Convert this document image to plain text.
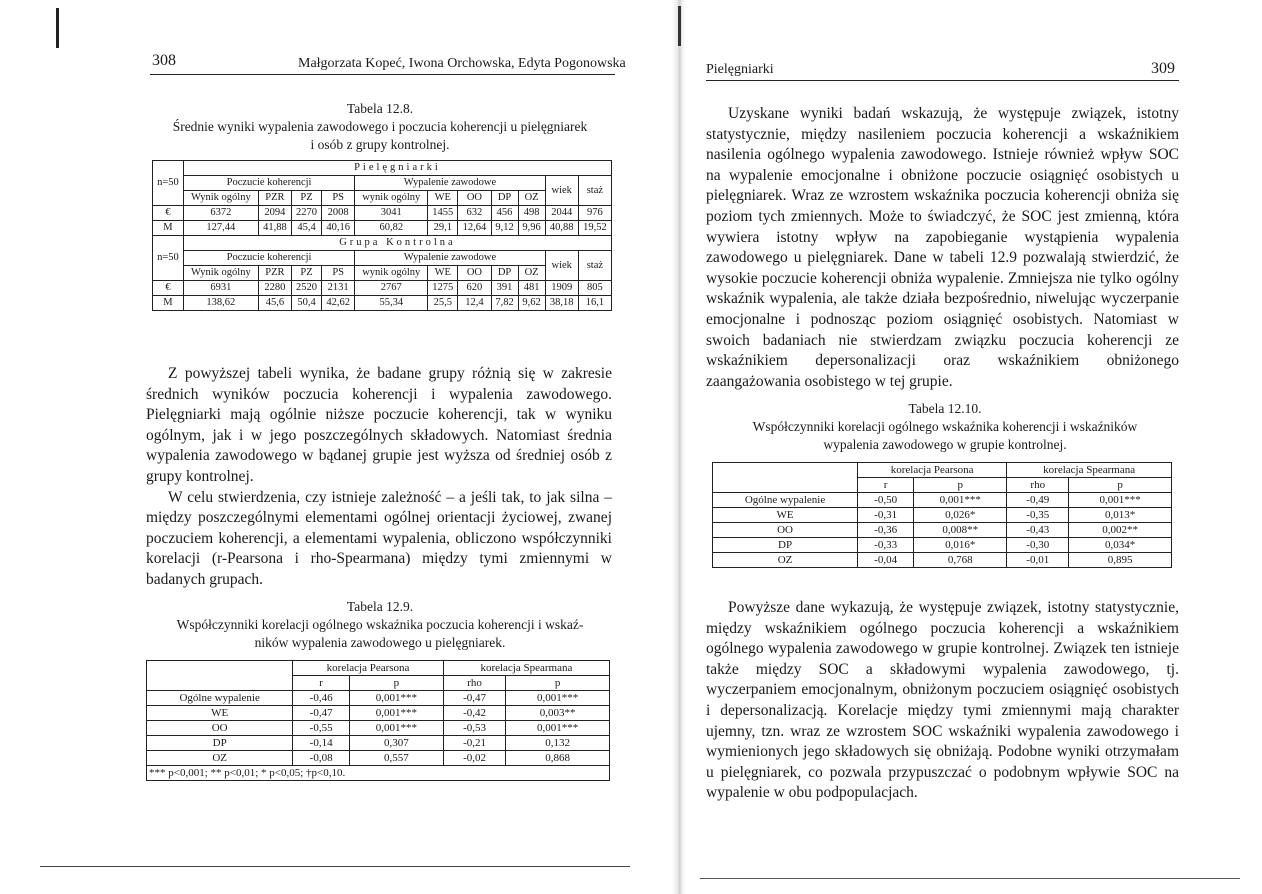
308	Małgorzata Kopeć, Iwona Orchowska, Edyta Pogonowska
Tabela 12.8.
Średnie wyniki wypalenia zawodowego i poczucia koherencji u pielęgniarek
i osób z grupy kontrolnej.
n=50	Pielęgniarki										
	Poczucie koherencji				Wypalenie zawodowe					wiek	staż
	Wynik ogólny	PZR	PZ	PS	wynik ogólny	WE	OO	DP	OZ		
€	6372	2094	2270	2008	3041	1455	632	456	498	2044	976
M	127,44	41,88	45,4	40,16	60,82	29,1	12,64	9,12	9,96	40,88	19,52
n=50	Grupa Kontrolna										
	Poczucie koherencji				Wypalenie zawodowe					wiek	staż
	Wynik ogólny	PZR	PZ	PS	wynik ogólny	WE	OO	DP	OZ		
€	6931	2280	2520	2131	2767	1275	620	391	481	1909	805
M	138,62	45,6	50,4	42,62	55,34	25,5	12,4	7,82	9,62	38,18	16,1

Z powyższej tabeli wynika, że badane grupy różnią się w zakresie średnich wyników poczucia koherencji i wypalenia zawodowego. Pielęgniarki mają ogólnie niższe poczucie koherencji, tak w wyniku ogólnym, jak i w jego poszczególnych składowych. Natomiast średnia wypalenia zawodowego w bądanej grupie jest wyższa od średniej osób z grupy kontrolnej.

W celu stwierdzenia, czy istnieje zależność – a jeśli tak, to jak silna – między poszczególnymi elementami ogólnej orientacji życiowej, zwanej poczuciem koherencji, a elementami wypalenia, obliczono współczynniki korelacji (r-Pearsona i rho-Spearmana) między tymi zmiennymi w badanych grupach.

Tabela 12.9.
Współczynniki korelacji ogólnego wskaźnika poczucia koherencji i wskaź-
ników wypalenia zawodowego u pielęgniarek.
	korelacja Pearsona		korelacja Spearmana	
	r	p	rho	p
Ogólne wypalenie	-0,46	0,001***	-0,47	0,001***
WE	-0,47	0,001***	-0,42	0,003**
OO	-0,55	0,001***	-0,53	0,001***
DP	-0,14	0,307	-0,21	0,132
OZ	-0,08	0,557	-0,02	0,868
*** p<0,001; ** p<0,01; * p<0,05; †p<0,10.				
Pielęgniarki	309

Uzyskane wyniki badań wskazują, że występuje związek, istotny statystycznie, między nasileniem poczucia koherencji a wskaźnikiem nasilenia ogólnego wypalenia zawodowego. Istnieje również wpływ SOC na wypalenie emocjonalne i obniżone poczucie osiągnięć osobistych u pielęgniarek. Wraz ze wzrostem wskaźnika poczucia koherencji obniża się poziom tych zmiennych. Może to świadczyć, że SOC jest zmienną, która wywiera istotny wpływ na zapobieganie wystąpienia wypalenia zawodowego u pielęgniarek. Dane w tabeli 12.9 pozwalają stwierdzić, że wysokie poczucie koherencji obniża wypalenie. Zmniejsza nie tylko ogólny wskaźnik wypalenia, ale także działa bezpośrednio, niwelując wyczerpanie emocjonalne i podnosząc poziom osiągnięć osobistych. Natomiast w swoich badaniach nie stwierdzam związku poczucia koherencji ze wskaźnikiem depersonalizacji oraz wskaźnikiem obniżonego zaangażowania osobistego w tej grupie.

Tabela 12.10.
Współczynniki korelacji ogólnego wskaźnika koherencji i wskaźników
wypalenia zawodowego w grupie kontrolnej.
	korelacja Pearsona		korelacja Spearmana	
	r	p	rho	p
Ogólne wypalenie	-0,50	0,001***	-0,49	0,001***
WE	-0,31	0,026*	-0,35	0,013*
OO	-0,36	0,008**	-0,43	0,002**
DP	-0,33	0,016*	-0,30	0,034*
OZ	-0,04	0,768	-0,01	0,895

Powyższe dane wykazują, że występuje związek, istotny statystycznie, między wskaźnikiem ogólnego poczucia koherencji a wskaźnikiem ogólnego wypalenia zawodowego w grupie kontrolnej. Związek ten istnieje także między SOC a składowymi wypalenia zawodowego, tj. wyczerpaniem emocjonalnym, obniżonym poczuciem osiągnięć osobistych i depersonalizacją. Korelacje między tymi zmiennymi mają charakter ujemny, tzn. wraz ze wzrostem SOC wskaźniki wypalenia zawodowego i wymienionych jego składowych się obniżają. Podobne wyniki otrzymałam u pielęgniarek, co pozwala przypuszczać o podobnym wpływie SOC na wypalenie w obu podpopulacjach.
